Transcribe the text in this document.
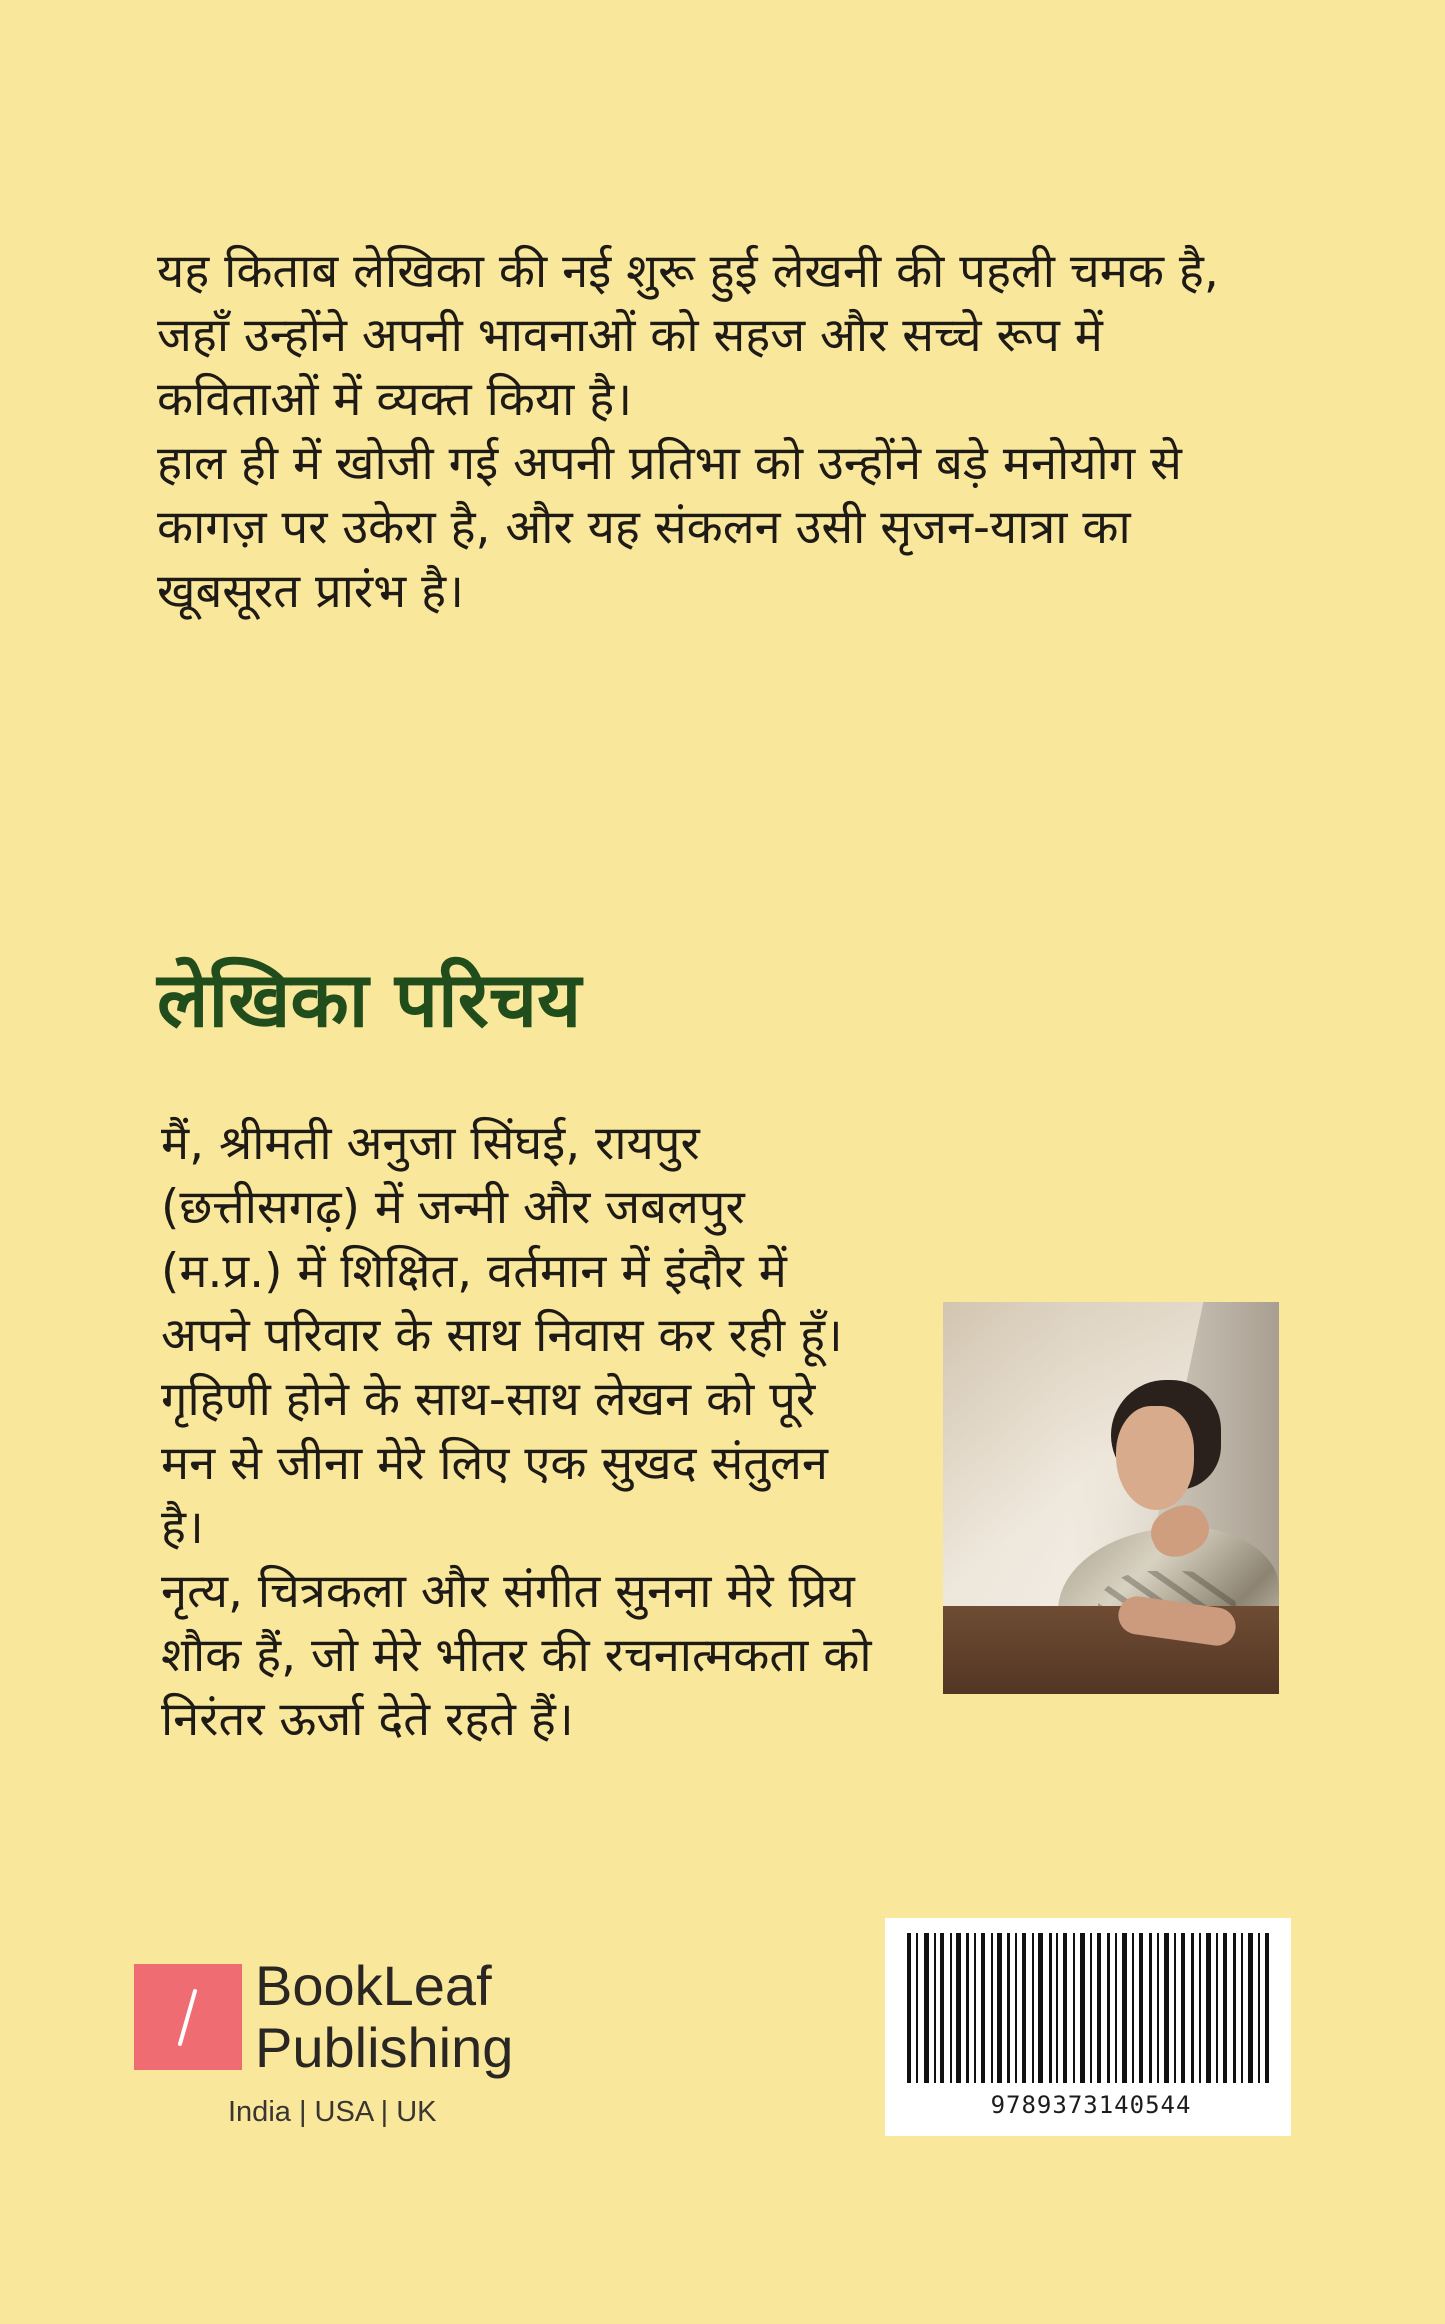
यह किताब लेखिका की नई शुरू हुई लेखनी की पहली चमक है, जहाँ उन्होंने अपनी भावनाओं को सहज और सच्चे रूप में कविताओं में व्यक्त किया है।

हाल ही में खोजी गई अपनी प्रतिभा को उन्होंने बड़े मनोयोग से कागज़ पर उकेरा है, और यह संकलन उसी सृजन-यात्रा का खूबसूरत प्रारंभ है।

लेखिका परिचय

मैं, श्रीमती अनुजा सिंघई, रायपुर (छत्तीसगढ़) में जन्मी और जबलपुर (म.प्र.) में शिक्षित, वर्तमान में इंदौर में अपने परिवार के साथ निवास कर रही हूँ। गृहिणी होने के साथ-साथ लेखन को पूरे मन से जीना मेरे लिए एक सुखद संतुलन है।

नृत्य, चित्रकला और संगीत सुनना मेरे प्रिय शौक हैं, जो मेरे भीतर की रचनात्मकता को निरंतर ऊर्जा देते रहते हैं।

BookLeaf
Publishing
India | USA | UK	9789373140544
